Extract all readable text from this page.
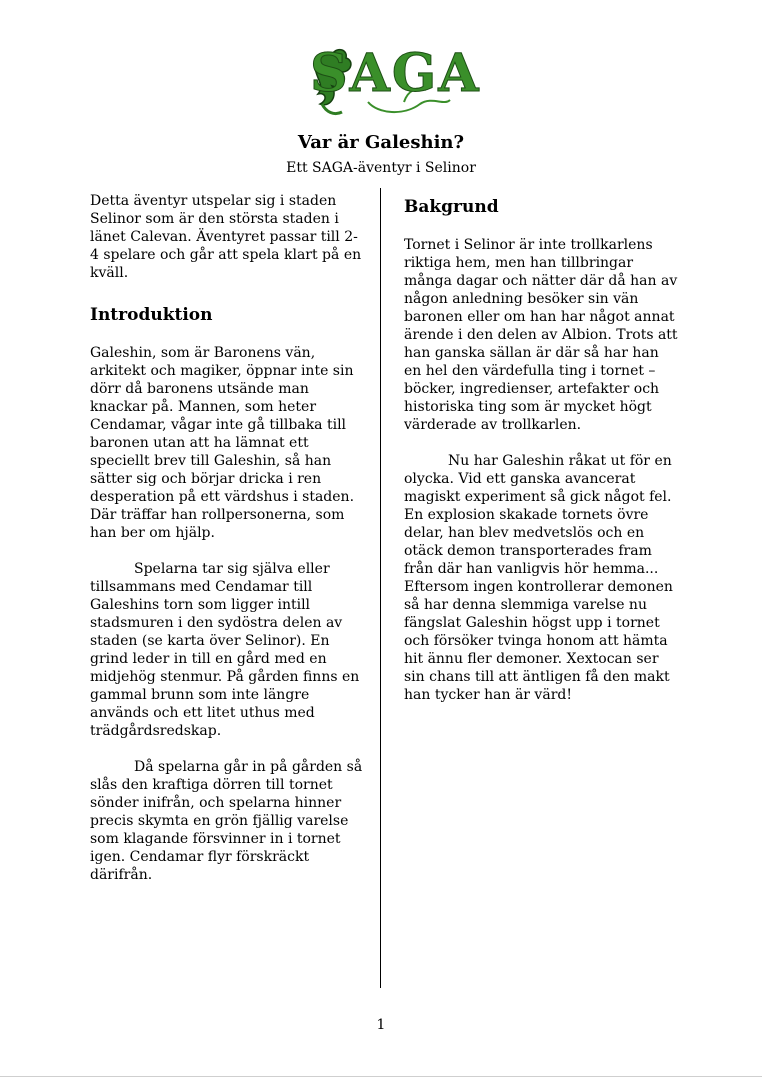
SAGA
Var är Galeshin?
Ett SAGA-äventyr i Selinor

Detta äventyr utspelar sig i staden Selinor som är den största staden i länet Calevan. Äventyret passar till 2-4 spelare och går att spela klart på en kväll.

Introduktion

Galeshin, som är Baronens vän, arkitekt och magiker, öppnar inte sin dörr då baronens utsände man knackar på. Mannen, som heter Cendamar, vågar inte gå tillbaka till baronen utan att ha lämnat ett speciellt brev till Galeshin, så han sätter sig och börjar dricka i ren desperation på ett värdshus i staden. Där träffar han rollpersonerna, som han ber om hjälp.

Spelarna tar sig själva eller tillsammans med Cendamar till Galeshins torn som ligger intill stadsmuren i den sydöstra delen av staden (se karta över Selinor). En grind leder in till en gård med en midjehög stenmur. På gården finns en gammal brunn som inte längre används och ett litet uthus med trädgårdsredskap.

Då spelarna går in på gården så slås den kraftiga dörren till tornet sönder inifrån, och spelarna hinner precis skymta en grön fjällig varelse som klagande försvinner in i tornet igen. Cendamar flyr förskräckt därifrån.

Bakgrund

Tornet i Selinor är inte trollkarlens riktiga hem, men han tillbringar många dagar och nätter där då han av någon anledning besöker sin vän baronen eller om han har något annat ärende i den delen av Albion. Trots att han ganska sällan är där så har han en hel den värdefulla ting i tornet – böcker, ingredienser, artefakter och historiska ting som är mycket högt värderade av trollkarlen.

Nu har Galeshin råkat ut för en olycka. Vid ett ganska avancerat magiskt experiment så gick något fel. En explosion skakade tornets övre delar, han blev medvetslös och en otäck demon transporterades fram från där han vanligvis hör hemma... Eftersom ingen kontrollerar demonen så har denna slemmiga varelse nu fängslat Galeshin högst upp i tornet och försöker tvinga honom att hämta hit ännu fler demoner. Xextocan ser sin chans till att äntligen få den makt han tycker han är värd!

1
